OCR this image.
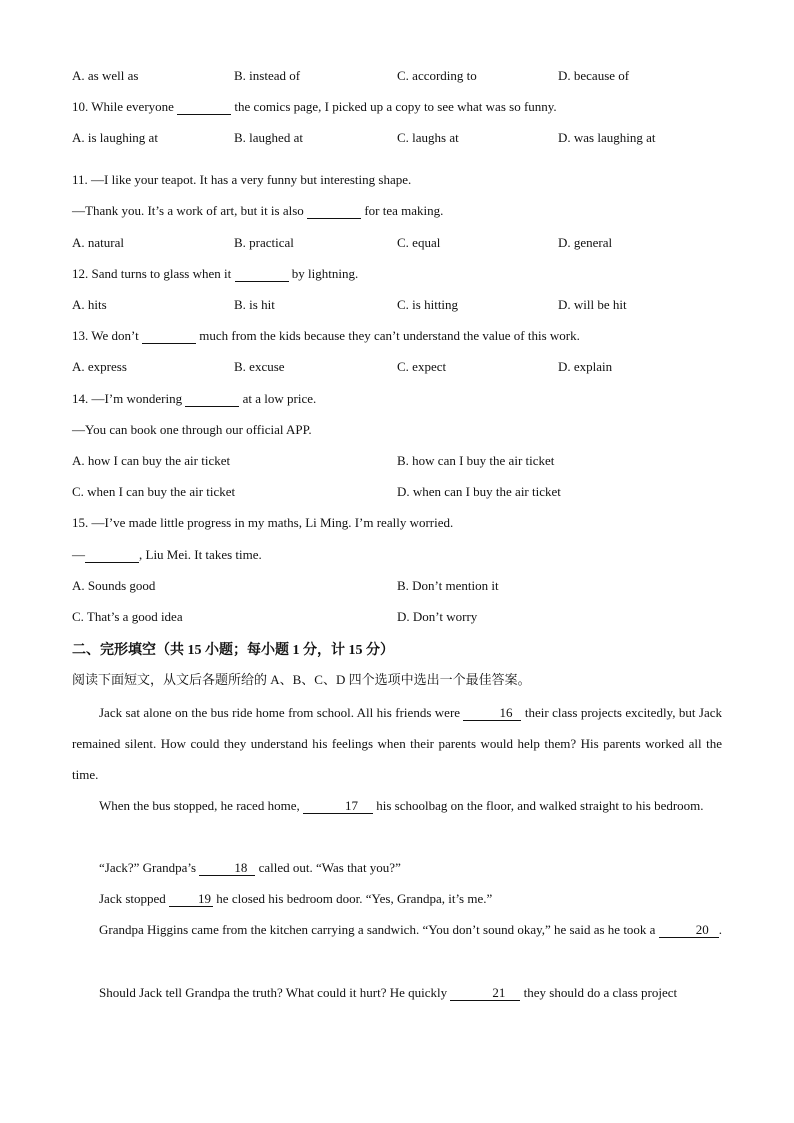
A. as well as	B. instead of	C. according to	D. because of
10. While everyone	the comics page, I picked up a copy to see what was so funny.
A. is laughing at	B. laughed at	C. laughs at	D. was laughing at
11. —I like your teapot. It has a very funny but interesting shape.
—Thank you. It’s a work of art, but it is also	for tea making.
A. natural	B. practical	C. equal	D. general
12. Sand turns to glass when it	by lightning.
A. hits	B. is hit	C. is hitting	D. will be hit
13. We don’t	much from the kids because they can’t understand the value of this work.
A. express	B. excuse	C. expect	D. explain
14. —I’m wondering	at a low price.
—You can book one through our official APP.
A. how I can buy the air ticket	B. how can I buy the air ticket
C. when I can buy the air ticket	D. when can I buy the air ticket
15. —I’ve made little progress in my maths, Li Ming. I’m really worried.
—	, Liu Mei. It takes time.
A. Sounds good	B. Don’t mention it
C. That’s a good idea	D. Don’t worry
二、完形填空（共 15 小题；每小题 1 分，计 15 分）
阅读下面短文，从文后各题所给的 A、B、C、D 四个选项中选出一个最佳答案。
Jack sat alone on the bus ride home from school. All his friends were	16 their class projects excitedly, but Jack remained silent. How could they understand his feelings when their parents would help them? His parents worked all the time.
When the bus stopped, he raced home,	17 his schoolbag on the floor, and walked straight to his bedroom.
“Jack?” Grandpa’s	18 called out. “Was that you?”
Jack stopped 19 he closed his bedroom door. “Yes, Grandpa, it’s me.”
Grandpa Higgins came from the kitchen carrying a sandwich. “You don’t sound okay,” he said as he took a	20 .
Should Jack tell Grandpa the truth? What could it hurt? He quickly	21 they should do a class project
